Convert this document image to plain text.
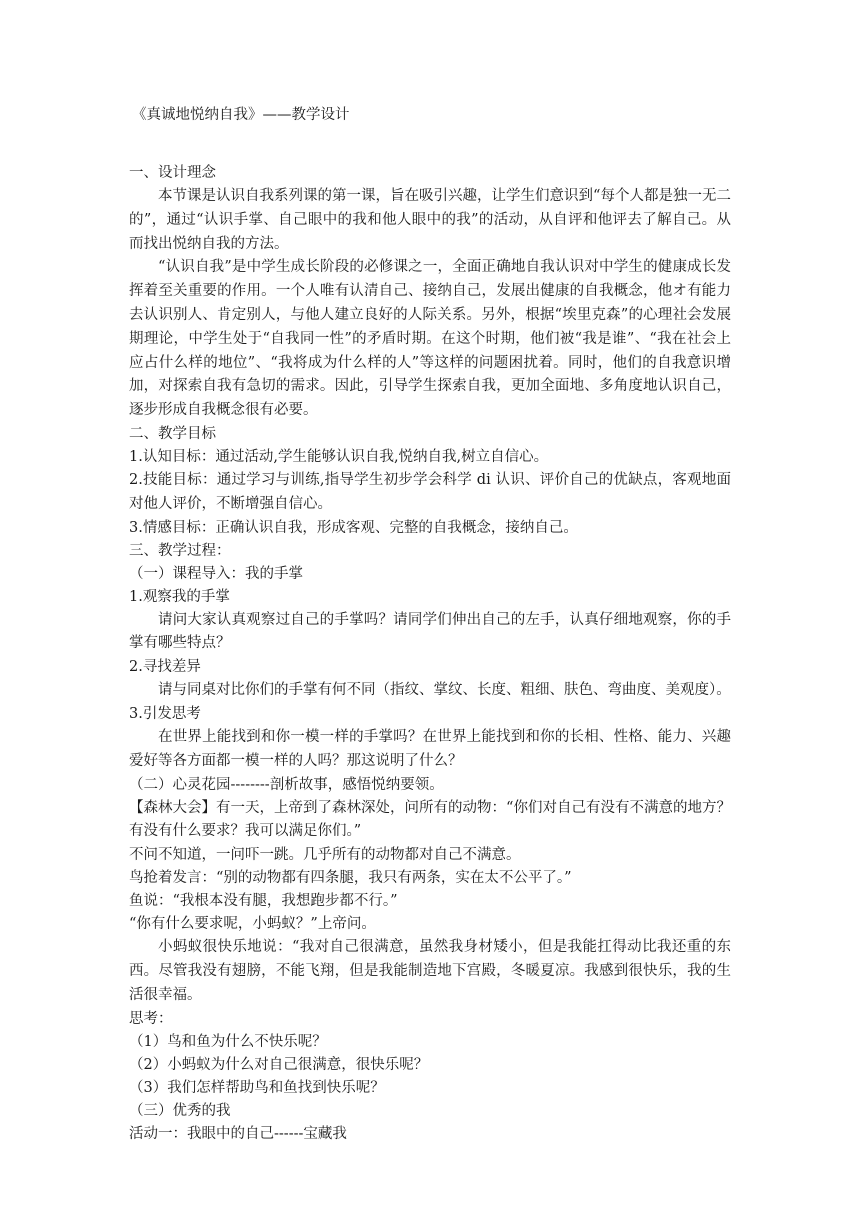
《真诚地悦纳自我》——教学设计

一、设计理念

本节课是认识自我系列课的第一课，旨在吸引兴趣，让学生们意识到“每个人都是独一无二的”，通过“认识手掌、自己眼中的我和他人眼中的我”的活动，从自评和他评去了解自己。从而找出悦纳自我的方法。

“认识自我”是中学生成长阶段的必修课之一，全面正确地自我认识对中学生的健康成长发挥着至关重要的作用。一个人唯有认清自己、接纳自己，发展出健康的自我概念，他オ有能力去认识别人、肯定别人，与他人建立良好的人际关系。另外，根据“埃里克森”的心理社会发展期理论，中学生处于“自我同一性”的矛盾时期。在这个时期，他们被“我是谁”、“我在社会上应占什么样的地位”、“我将成为什么样的人”等这样的问题困扰着。同时，他们的自我意识增加，对探索自我有急切的需求。因此，引导学生探索自我，更加全面地、多角度地认识自己，逐步形成自我概念很有必要。

二、教学目标

1.认知目标：通过活动,学生能够认识自我,悦纳自我,树立自信心。

2.技能目标：通过学习与训练,指导学生初步学会科学 di 认识、评价自己的优缺点，客观地面对他人评价，不断增强自信心。

3.情感目标：正确认识自我，形成客观、完整的自我概念，接纳自己。

三、教学过程：

（一）课程导入：我的手掌

1.观察我的手掌

请问大家认真观察过自己的手掌吗？请同学们伸出自己的左手，认真仔细地观察，你的手掌有哪些特点？

2.寻找差异

请与同桌对比你们的手掌有何不同（指纹、掌纹、长度、粗细、肤色、弯曲度、美观度）。

3.引发思考

在世界上能找到和你一模一样的手掌吗？在世界上能找到和你的长相、性格、能力、兴趣爱好等各方面都一模一样的人吗？那这说明了什么？

（二）心灵花园--------剖析故事，感悟悦纳要领。

【森林大会】有一天，上帝到了森林深处，问所有的动物：“你们对自己有没有不满意的地方？有没有什么要求？我可以满足你们。”

不问不知道，一问吓一跳。几乎所有的动物都对自己不满意。

鸟抢着发言：“别的动物都有四条腿，我只有两条，实在太不公平了。”

鱼说：“我根本没有腿，我想跑步都不行。”

“你有什么要求呢，小蚂蚁？”上帝问。

小蚂蚁很快乐地说：“我对自己很满意，虽然我身材矮小，但是我能扛得动比我还重的东西。尽管我没有翅膀，不能飞翔，但是我能制造地下宫殿，冬暖夏凉。我感到很快乐，我的生活很幸福。

思考：

（1）鸟和鱼为什么不快乐呢？

（2）小蚂蚁为什么对自己很满意，很快乐呢？

（3）我们怎样帮助鸟和鱼找到快乐呢？

（三）优秀的我

活动一：我眼中的自己------宝藏我
